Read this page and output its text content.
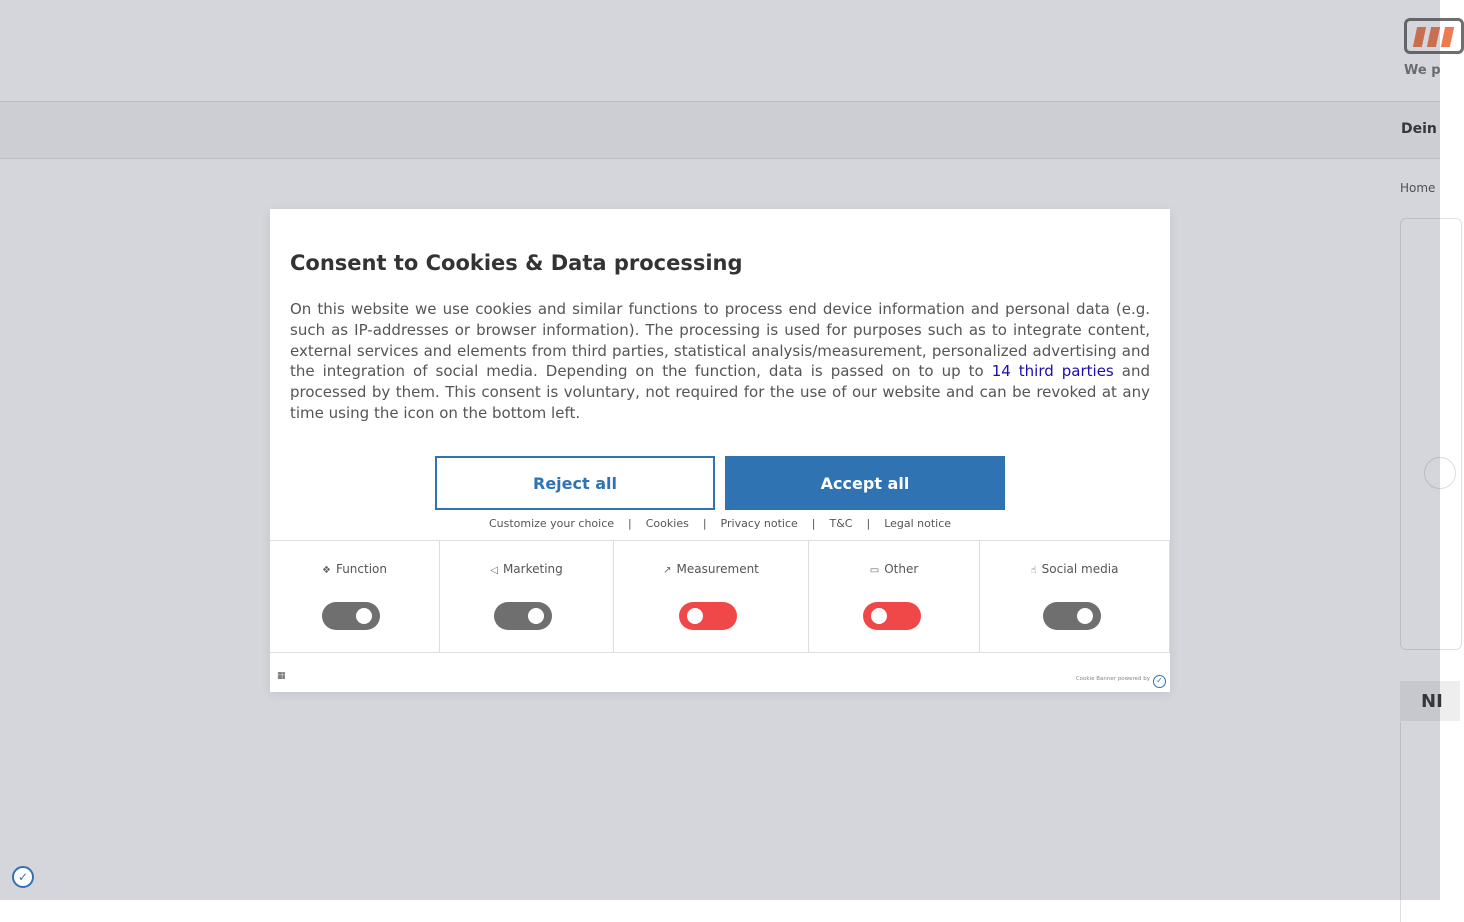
We p
Dein
Home
NI
Consent to Cookies & Data processing

On this website we use cookies and similar functions to process end device information and personal data (e.g. such as IP-addresses or browser information). The processing is used for purposes such as to integrate content, external services and elements from third parties, statistical analysis/measurement, personalized advertising and the integration of social media. Depending on the function, data is passed on to up to 14 third parties and processed by them. This consent is voluntary, not required for the use of our website and can be revoked at any time using the icon on the bottom left.

Reject all	Accept all
Customize your choice | Cookies | Privacy notice | T&C | Legal notice
❖ Function	◁ Marketing	↗ Measurement	▭ Other	☝ Social media
▦	Cookie Banner powered by ✓
✓
